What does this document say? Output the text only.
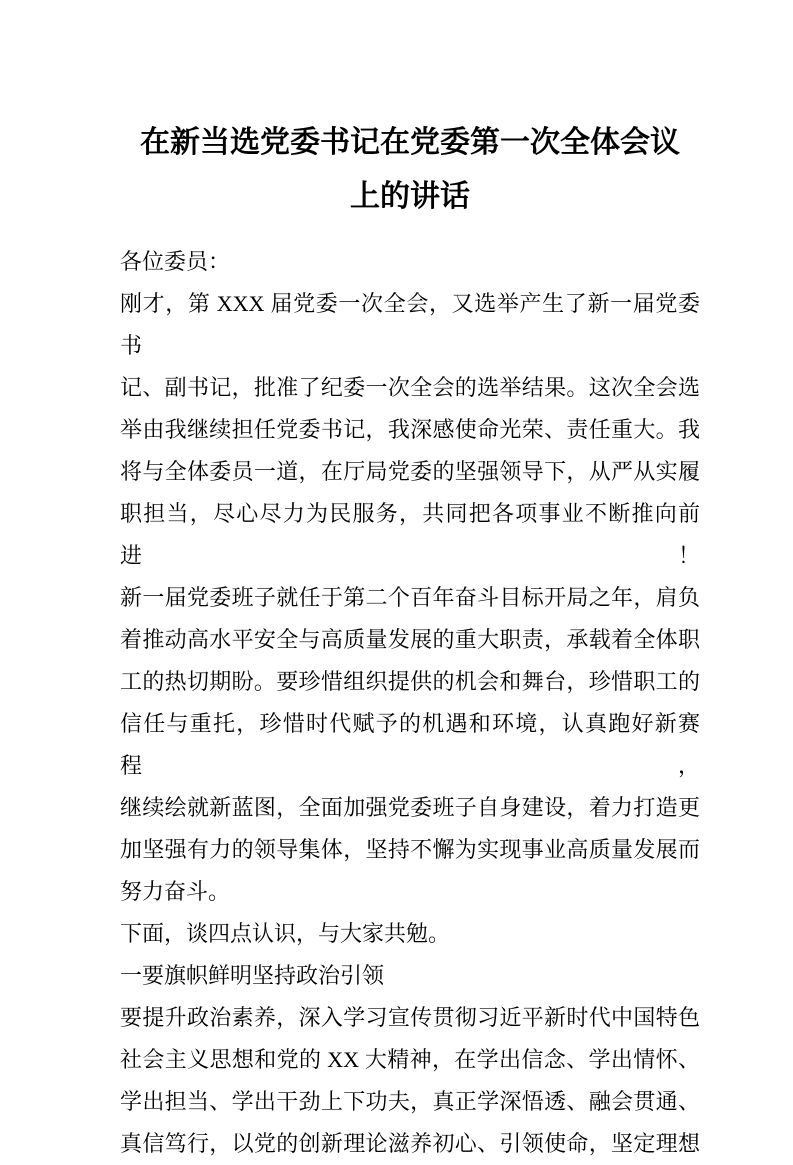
在新当选党委书记在党委第一次全体会议
上的讲话
各位委员：
刚才，第 XXX 届党委一次全会，又选举产生了新一届党委书
记、副书记，批准了纪委一次全会的选举结果。这次全会选
举由我继续担任党委书记，我深感使命光荣、责任重大。我
将与全体委员一道，在厅局党委的坚强领导下，从严从实履
职担当，尽心尽力为民服务，共同把各项事业不断推向前进！
新一届党委班子就任于第二个百年奋斗目标开局之年，肩负
着推动高水平安全与高质量发展的重大职责，承载着全体职
工的热切期盼。要珍惜组织提供的机会和舞台，珍惜职工的
信任与重托，珍惜时代赋予的机遇和环境，认真跑好新赛程，
继续绘就新蓝图，全面加强党委班子自身建设，着力打造更
加坚强有力的领导集体，坚持不懈为实现事业高质量发展而
努力奋斗。
下面，谈四点认识，与大家共勉。
一要旗帜鲜明坚持政治引领
要提升政治素养，深入学习宣传贯彻习近平新时代中国特色
社会主义思想和党的 XX 大精神，在学出信念、学出情怀、
学出担当、学出干劲上下功夫，真正学深悟透、融会贯通、
真信笃行，以党的创新理论滋养初心、引领使命，坚定理想
